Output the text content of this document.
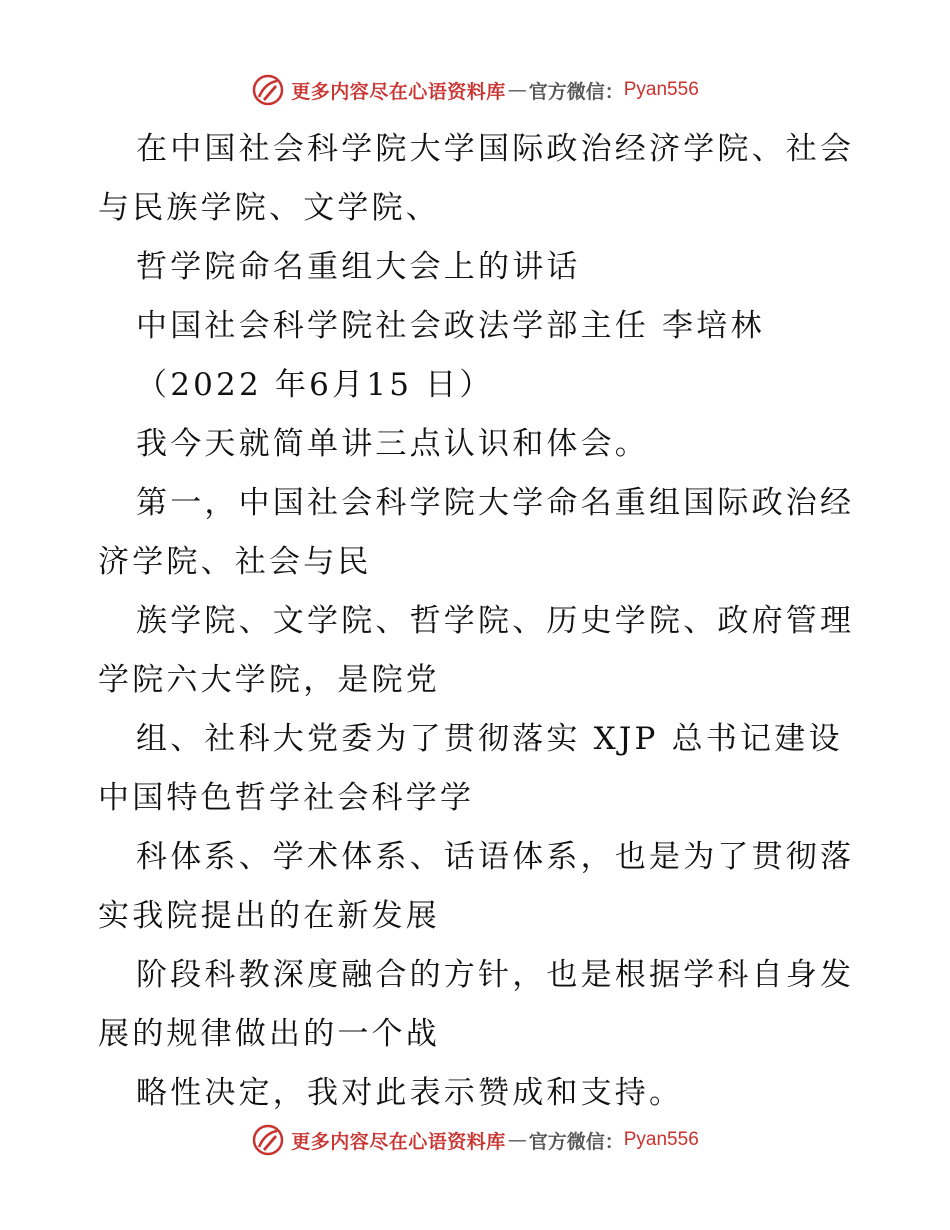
更多内容尽在心语资料库 — 官方微信： Pyan556
在中国社会科学院大学国际政治经济学院、社会
与民族学院、文学院、
哲学院命名重组大会上的讲话
中国社会科学院社会政法学部主任 李培林
（2022 年6月15 日）
我今天就简单讲三点认识和体会。
第一，中国社会科学院大学命名重组国际政治经
济学院、社会与民
族学院、文学院、哲学院、历史学院、政府管理
学院六大学院，是院党
组、社科大党委为了贯彻落实 XJP 总书记建设
中国特色哲学社会科学学
科体系、学术体系、话语体系，也是为了贯彻落
实我院提出的在新发展
阶段科教深度融合的方针，也是根据学科自身发
展的规律做出的一个战
略性决定，我对此表示赞成和支持。
更多内容尽在心语资料库 — 官方微信： Pyan556
